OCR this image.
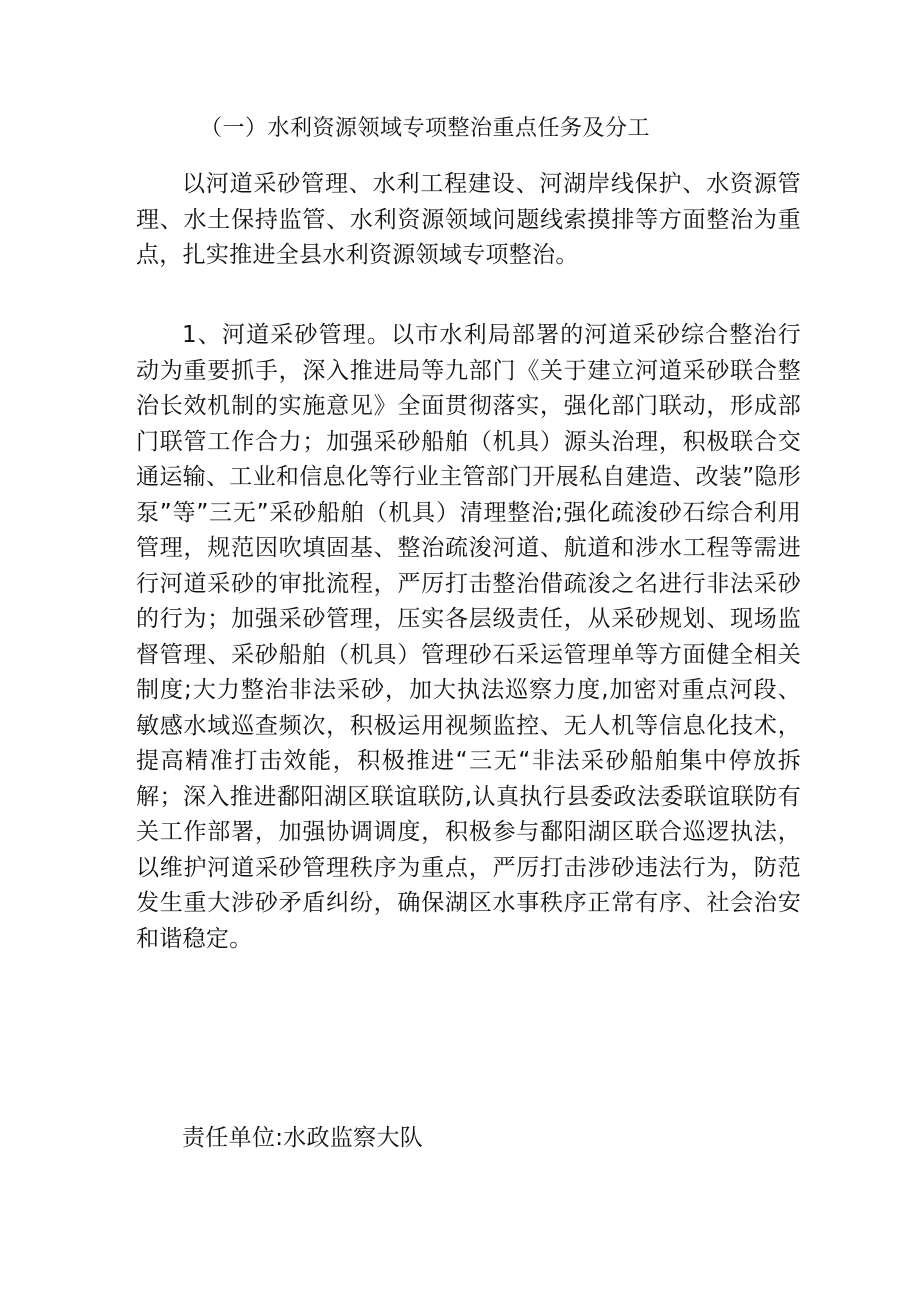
（一）水利资源领域专项整治重点任务及分工

以河道采砂管理、水利工程建设、河湖岸线保护、水资源管理、水土保持监管、水利资源领域问题线索摸排等方面整治为重点，扎实推进全县水利资源领域专项整治。

1、河道采砂管理。以市水利局部署的河道采砂综合整治行动为重要抓手，深入推进局等九部门《关于建立河道采砂联合整治长效机制的实施意见》全面贯彻落实，强化部门联动，形成部门联管工作合力；加强采砂船舶（机具）源头治理，积极联合交通运输、工业和信息化等行业主管部门开展私自建造、改装”隐形泵”等”三无”采砂船舶（机具）清理整治;强化疏浚砂石综合利用管理，规范因吹填固基、整治疏浚河道、航道和涉水工程等需进行河道采砂的审批流程，严厉打击整治借疏浚之名进行非法采砂的行为；加强采砂管理，压实各层级责任，从采砂规划、现场监督管理、采砂船舶（机具）管理砂石采运管理单等方面健全相关制度;大力整治非法采砂，加大执法巡察力度,加密对重点河段、敏感水域巡查频次，积极运用视频监控、无人机等信息化技术，提高精准打击效能，积极推进“三无“非法采砂船舶集中停放拆解；深入推进鄱阳湖区联谊联防,认真执行县委政法委联谊联防有关工作部署，加强协调调度，积极参与鄱阳湖区联合巡逻执法，以维护河道采砂管理秩序为重点，严厉打击涉砂违法行为，防范发生重大涉砂矛盾纠纷，确保湖区水事秩序正常有序、社会治安和谐稳定。

责任单位:水政监察大队
